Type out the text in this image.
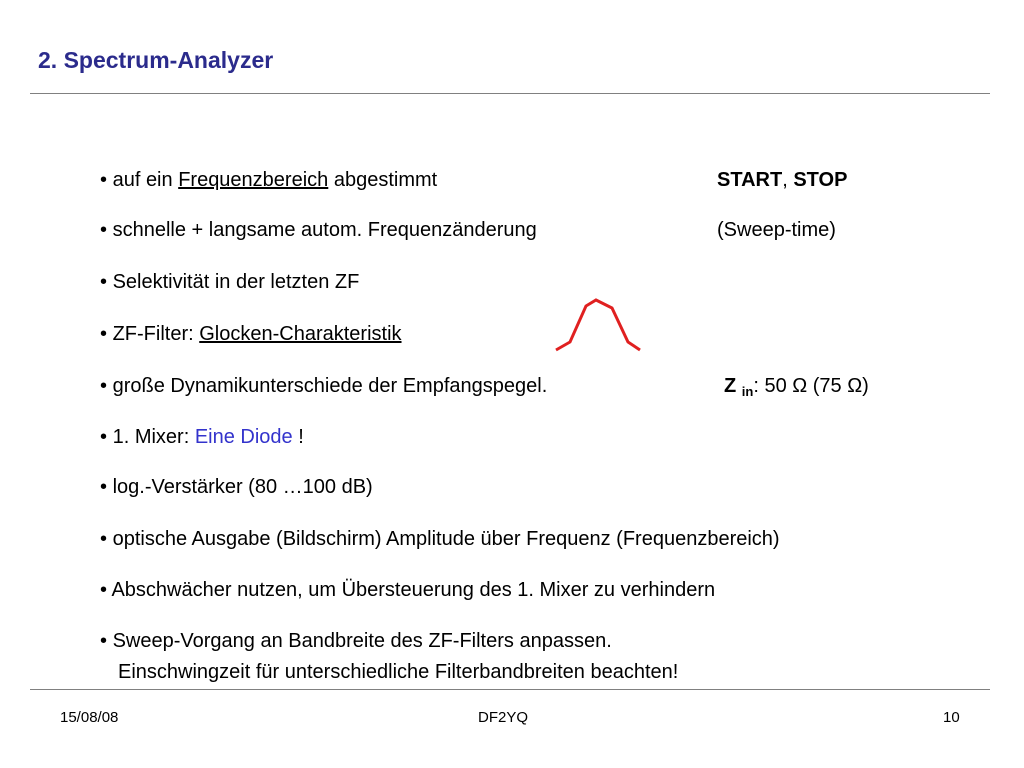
2. Spectrum-Analyzer
• auf ein Frequenzbereich abgestimmt	START, STOP
• schnelle + langsame autom. Frequenzänderung	(Sweep-time)
• Selektivität in der letzten ZF
• ZF-Filter: Glocken-Charakteristik
• große Dynamikunterschiede der Empfangspegel.	Z $_{in}$: 50 Ω (75 Ω)
• 1. Mixer: Eine Diode !
• log.-Verstärker (80 …100 dB)
• optische Ausgabe (Bildschirm) Amplitude über Frequenz (Frequenzbereich)
• Abschwächer nutzen, um Übersteuerung des 1. Mixer zu verhindern
• Sweep-Vorgang an Bandbreite des ZF-Filters anpassen.
Einschwingzeit für unterschiedliche Filterbandbreiten beachten!
15/08/08	DF2YQ	10
